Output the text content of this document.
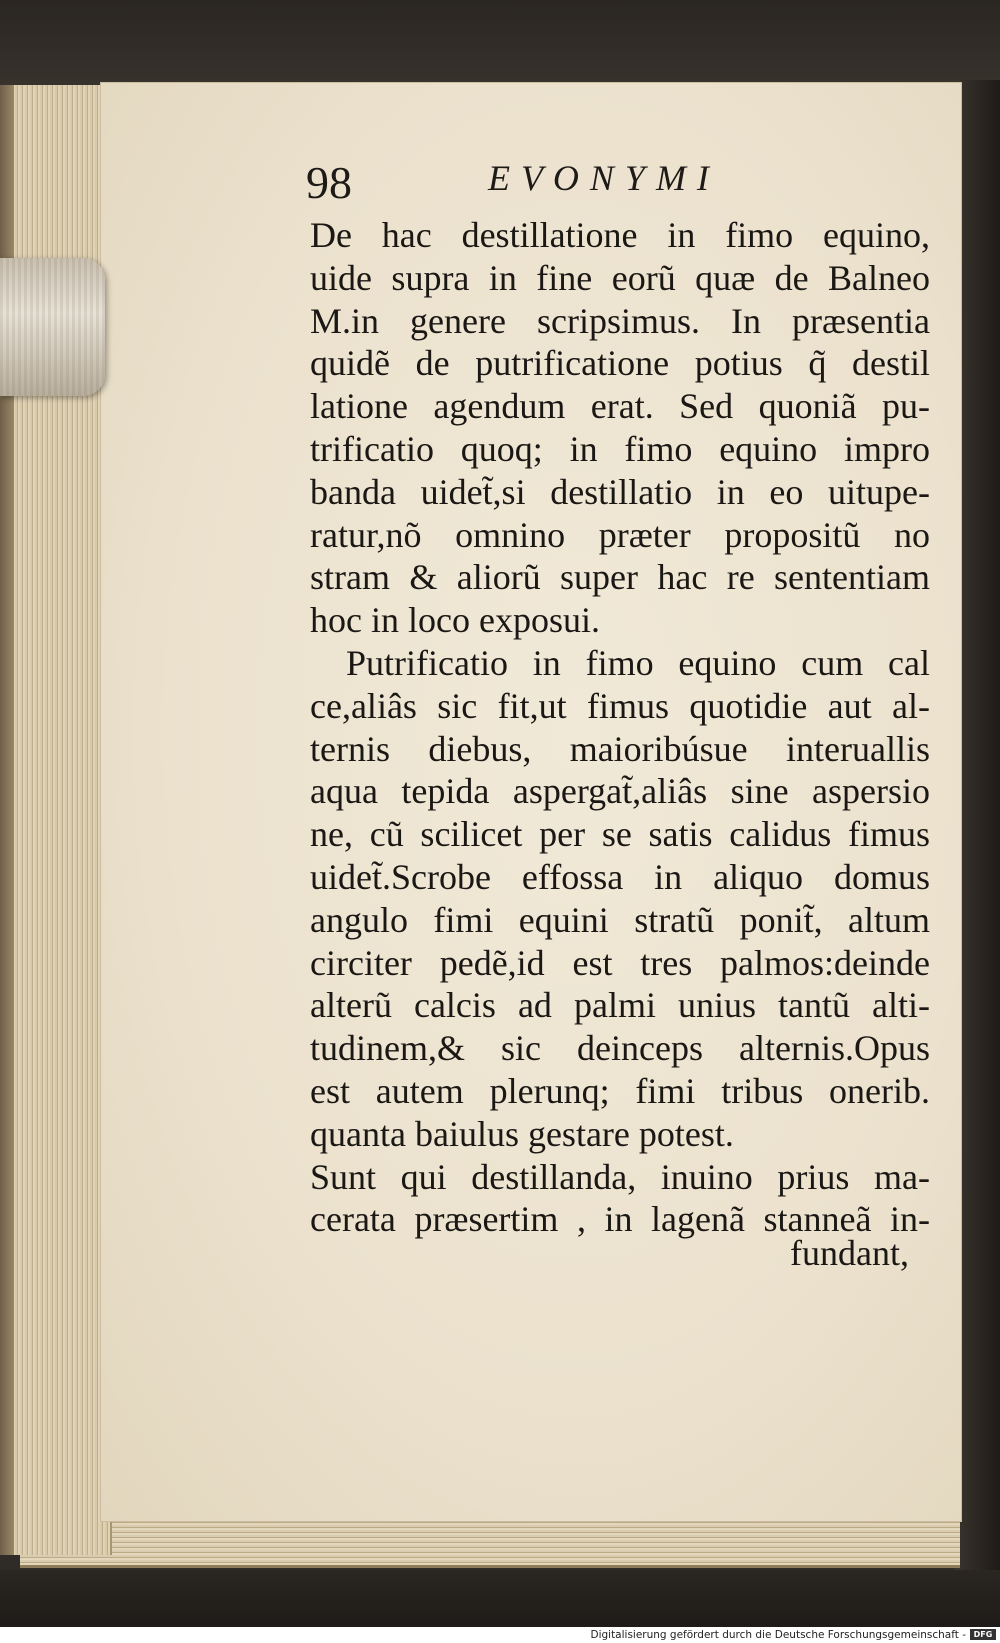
98	EVONYMI
De hac destillatione in fimo equino,
uide supra in fine eorũ quæ de Balneo
M.in genere scripsimus. In præsentia
quidẽ de putrificatione potius q̃ destil
latione agendum erat. Sed quoniã pu-
trificatio quoq; in fimo equino impro
banda uidet̃,si destillatio in eo uitupe-
ratur,nõ omnino præter propositũ no
stram & aliorũ super hac re sententiam
hoc in loco exposui.
Putrificatio in fimo equino cum cal
ce,aliâs sic fit,ut fimus quotidie aut al-
ternis diebus, maioribúsue interuallis
aqua tepida aspergat̃,aliâs sine aspersio
ne, cũ scilicet per se satis calidus fimus
uidet̃.Scrobe effossa in aliquo domus
angulo fimi equini stratũ ponit̃, altum
circiter pedẽ,id est tres palmos:deinde
alterũ calcis ad palmi unius tantũ alti-
tudinem,& sic deinceps alternis.Opus
est autem plerunq; fimi tribus onerib.
quanta baiulus gestare potest.
Sunt qui destillanda, inuino prius ma-
cerata præsertim , in lagenã stanneã in-
fundant,
Digitalisierung gefördert durch die Deutsche Forschungsgemeinschaft - DFG
